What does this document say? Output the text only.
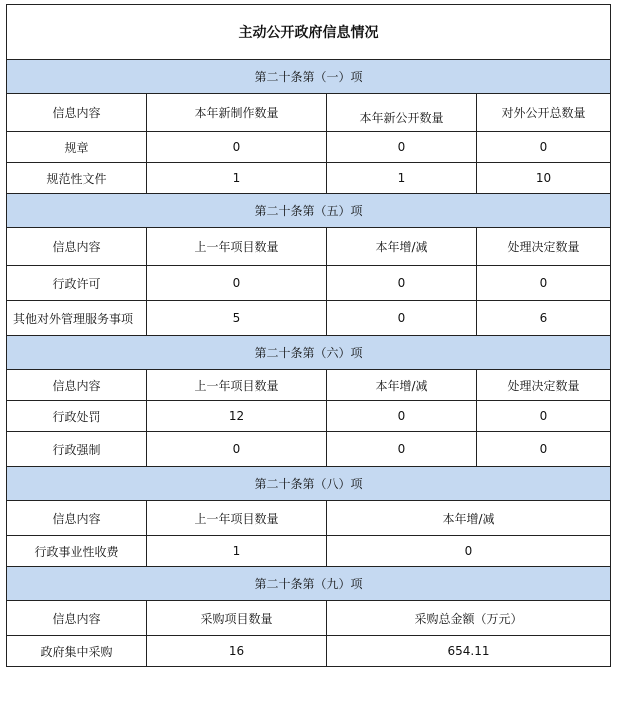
主动公开政府信息情况			
第二十条第（一）项			
信息内容	本年新制作数量	本年新公开数量	对外公开总数量
规章	0	0	0
规范性文件	1	1	10
第二十条第（五）项			
信息内容	上一年项目数量	本年增/减	处理决定数量
行政许可	0	0	0
其他对外管理服务事项	5	0	6
第二十条第（六）项			
信息内容	上一年项目数量	本年增/减	处理决定数量
行政处罚	12	0	0
行政强制	0	0	0
第二十条第（八）项			
信息内容	上一年项目数量	本年增/减	
行政事业性收费	1	0	
第二十条第（九）项			
信息内容	采购项目数量	采购总金额（万元）	
政府集中采购	16	654.11	
